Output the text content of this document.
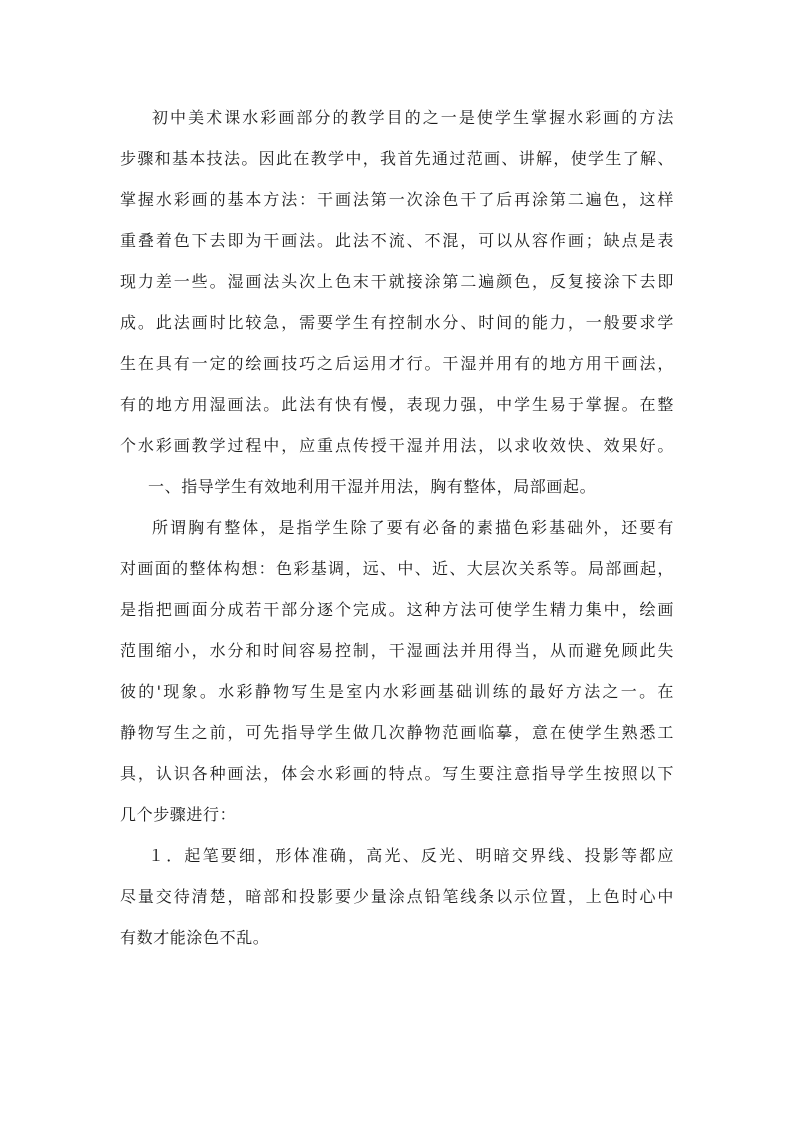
初中美术课水彩画部分的教学目的之一是使学生掌握水彩画的方法
步骤和基本技法。因此在教学中，我首先通过范画、讲解，使学生了解、
掌握水彩画的基本方法：干画法第一次涂色干了后再涂第二遍色，这样
重叠着色下去即为干画法。此法不流、不混，可以从容作画；缺点是表
现力差一些。湿画法头次上色末干就接涂第二遍颜色，反复接涂下去即
成。此法画时比较急，需要学生有控制水分、时间的能力，一般要求学
生在具有一定的绘画技巧之后运用才行。干湿并用有的地方用干画法，
有的地方用湿画法。此法有快有慢，表现力强，中学生易于掌握。在整
个水彩画教学过程中，应重点传授干湿并用法，以求收效快、效果好。
一、指导学生有效地利用干湿并用法，胸有整体，局部画起。
所谓胸有整体，是指学生除了要有必备的素描色彩基础外，还要有
对画面的整体构想：色彩基调，远、中、近、大层次关系等。局部画起，
是指把画面分成若干部分逐个完成。这种方法可使学生精力集中，绘画
范围缩小，水分和时间容易控制，干湿画法并用得当，从而避免顾此失
彼的'现象。水彩静物写生是室内水彩画基础训练的最好方法之一。在
静物写生之前，可先指导学生做几次静物范画临摹，意在使学生熟悉工
具，认识各种画法，体会水彩画的特点。写生要注意指导学生按照以下
几个步骤进行：
１．起笔要细，形体准确，高光、反光、明暗交界线、投影等都应
尽量交待清楚，暗部和投影要少量涂点铅笔线条以示位置，上色时心中
有数才能涂色不乱。
